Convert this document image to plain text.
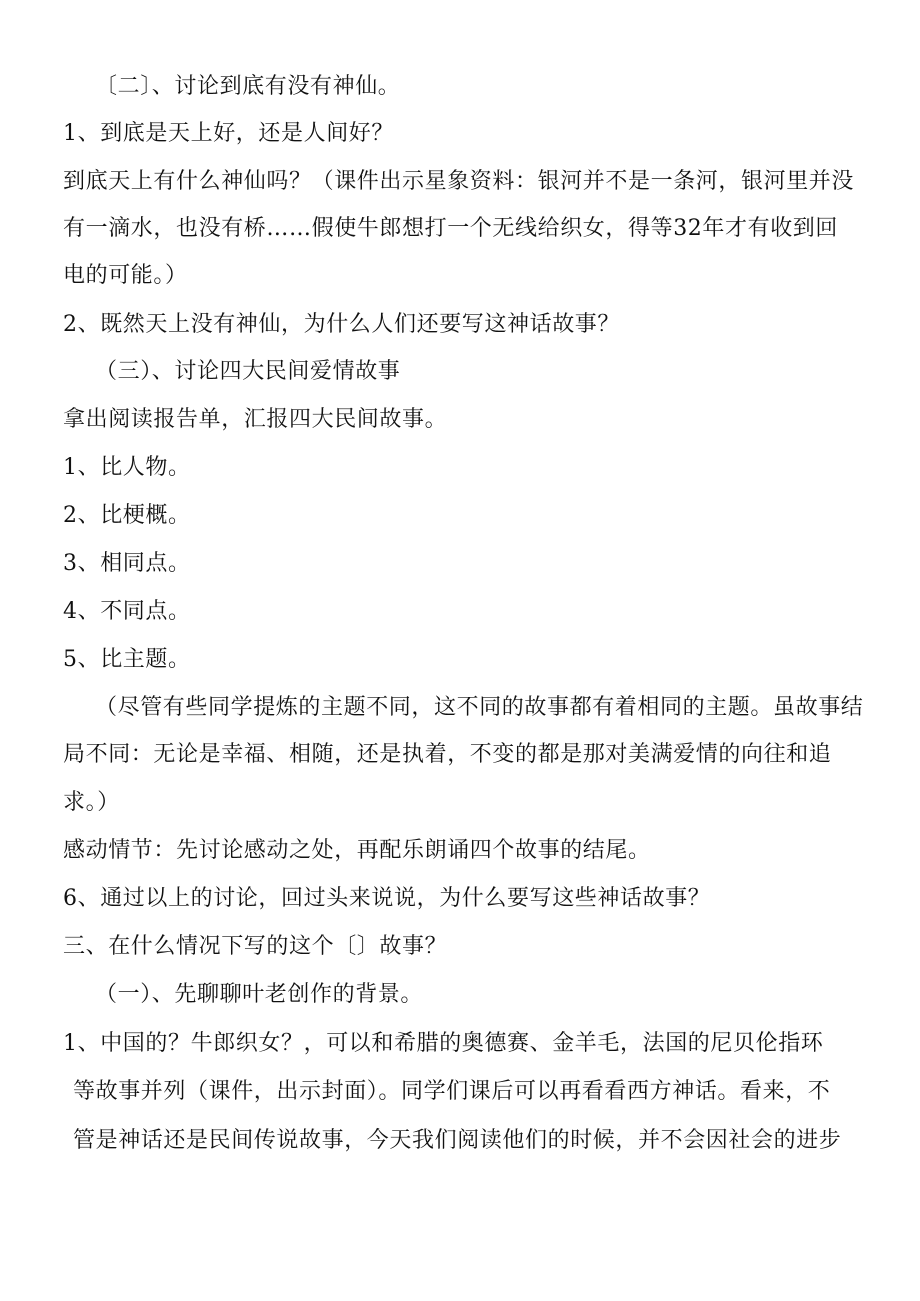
〔二〕、讨论到底有没有神仙。
1、到底是天上好，还是人间好？
到底天上有什么神仙吗？（课件出示星象资料：银河并不是一条河，银河里并没
有一滴水，也没有桥……假使牛郎想打一个无线给织女，得等32年才有收到回
电的可能。）
2、既然天上没有神仙，为什么人们还要写这神话故事？
（三）、讨论四大民间爱情故事
拿出阅读报告单，汇报四大民间故事。
1、比人物。
2、比梗概。
3、相同点。
4、不同点。
5、比主题。
（尽管有些同学提炼的主题不同，这不同的故事都有着相同的主题。虽故事结
局不同：无论是幸福、相随，还是执着，不变的都是那对美满爱情的向往和追
求。）
感动情节：先讨论感动之处，再配乐朗诵四个故事的结尾。
6、通过以上的讨论，回过头来说说，为什么要写这些神话故事？
三、在什么情况下写的这个〔〕故事？
（一）、先聊聊叶老创作的背景。
1、中国的？牛郎织女？，可以和希腊的奥德赛、金羊毛，法国的尼贝伦指环
等故事并列（课件，出示封面）。同学们课后可以再看看西方神话。看来，不
管是神话还是民间传说故事，今天我们阅读他们的时候，并不会因社会的进步
